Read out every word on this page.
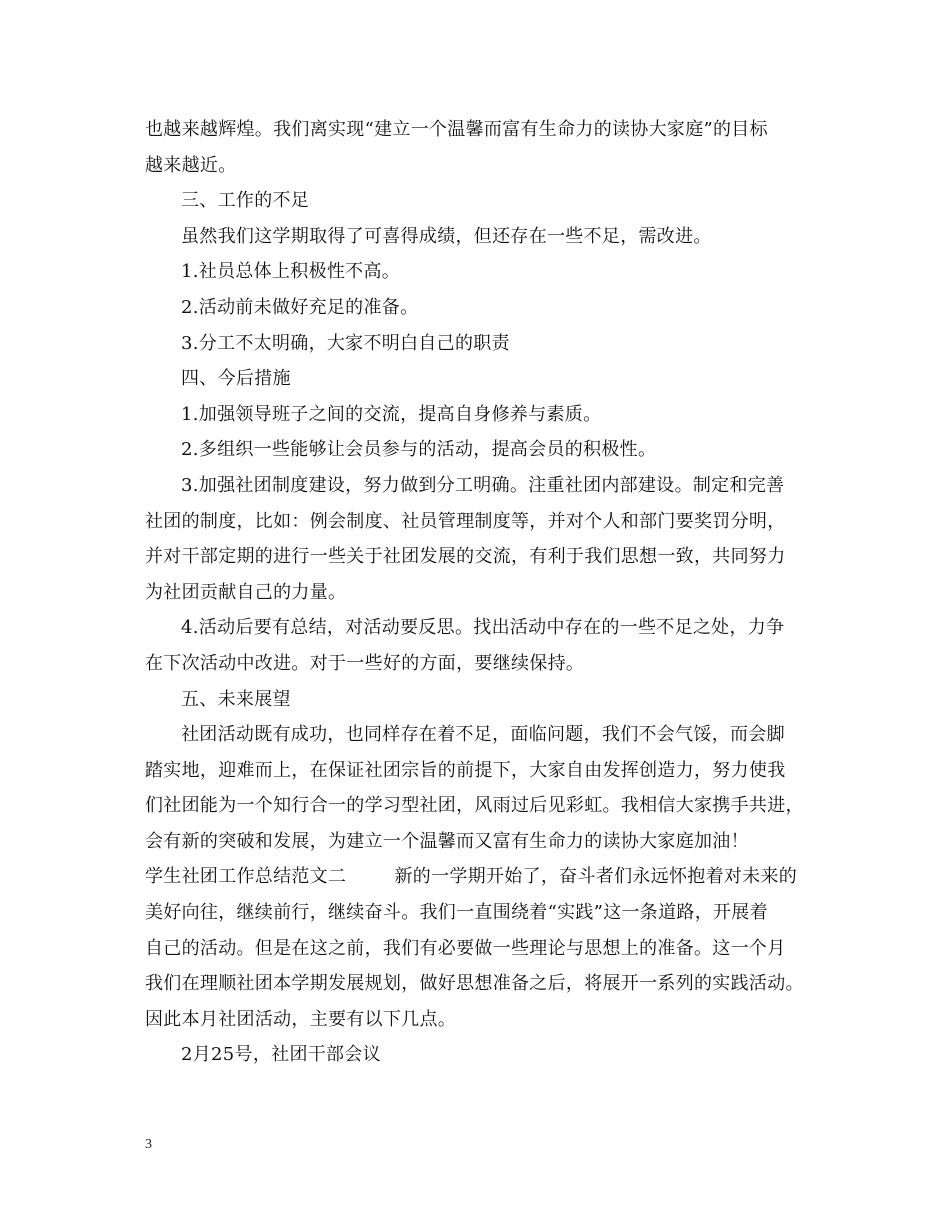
也越来越辉煌。我们离实现“建立一个温馨而富有生命力的读协大家庭”的目标
越来越近。
三、工作的不足
虽然我们这学期取得了可喜得成绩，但还存在一些不足，需改进。
1.社员总体上积极性不高。
2.活动前未做好充足的准备。
3.分工不太明确，大家不明白自己的职责
四、今后措施
1.加强领导班子之间的交流，提高自身修养与素质。
2.多组织一些能够让会员参与的活动，提高会员的积极性。
3.加强社团制度建设，努力做到分工明确。注重社团内部建设。制定和完善
社团的制度，比如：例会制度、社员管理制度等，并对个人和部门要奖罚分明，
并对干部定期的进行一些关于社团发展的交流，有利于我们思想一致，共同努力
为社团贡献自己的力量。
4.活动后要有总结，对活动要反思。找出活动中存在的一些不足之处，力争
在下次活动中改进。对于一些好的方面，要继续保持。
五、未来展望
社团活动既有成功，也同样存在着不足，面临问题，我们不会气馁，而会脚
踏实地，迎难而上，在保证社团宗旨的前提下，大家自由发挥创造力，努力使我
们社团能为一个知行合一的学习型社团，风雨过后见彩虹。我相信大家携手共进，
会有新的突破和发展，为建立一个温馨而又富有生命力的读协大家庭加油！
学生社团工作总结范文二        新的一学期开始了，奋斗者们永远怀抱着对未来的
美好向往，继续前行，继续奋斗。我们一直围绕着“实践”这一条道路，开展着
自己的活动。但是在这之前，我们有必要做一些理论与思想上的准备。这一个月
我们在理顺社团本学期发展规划，做好思想准备之后，将展开一系列的实践活动。
因此本月社团活动，主要有以下几点。
2月25号，社团干部会议
3
